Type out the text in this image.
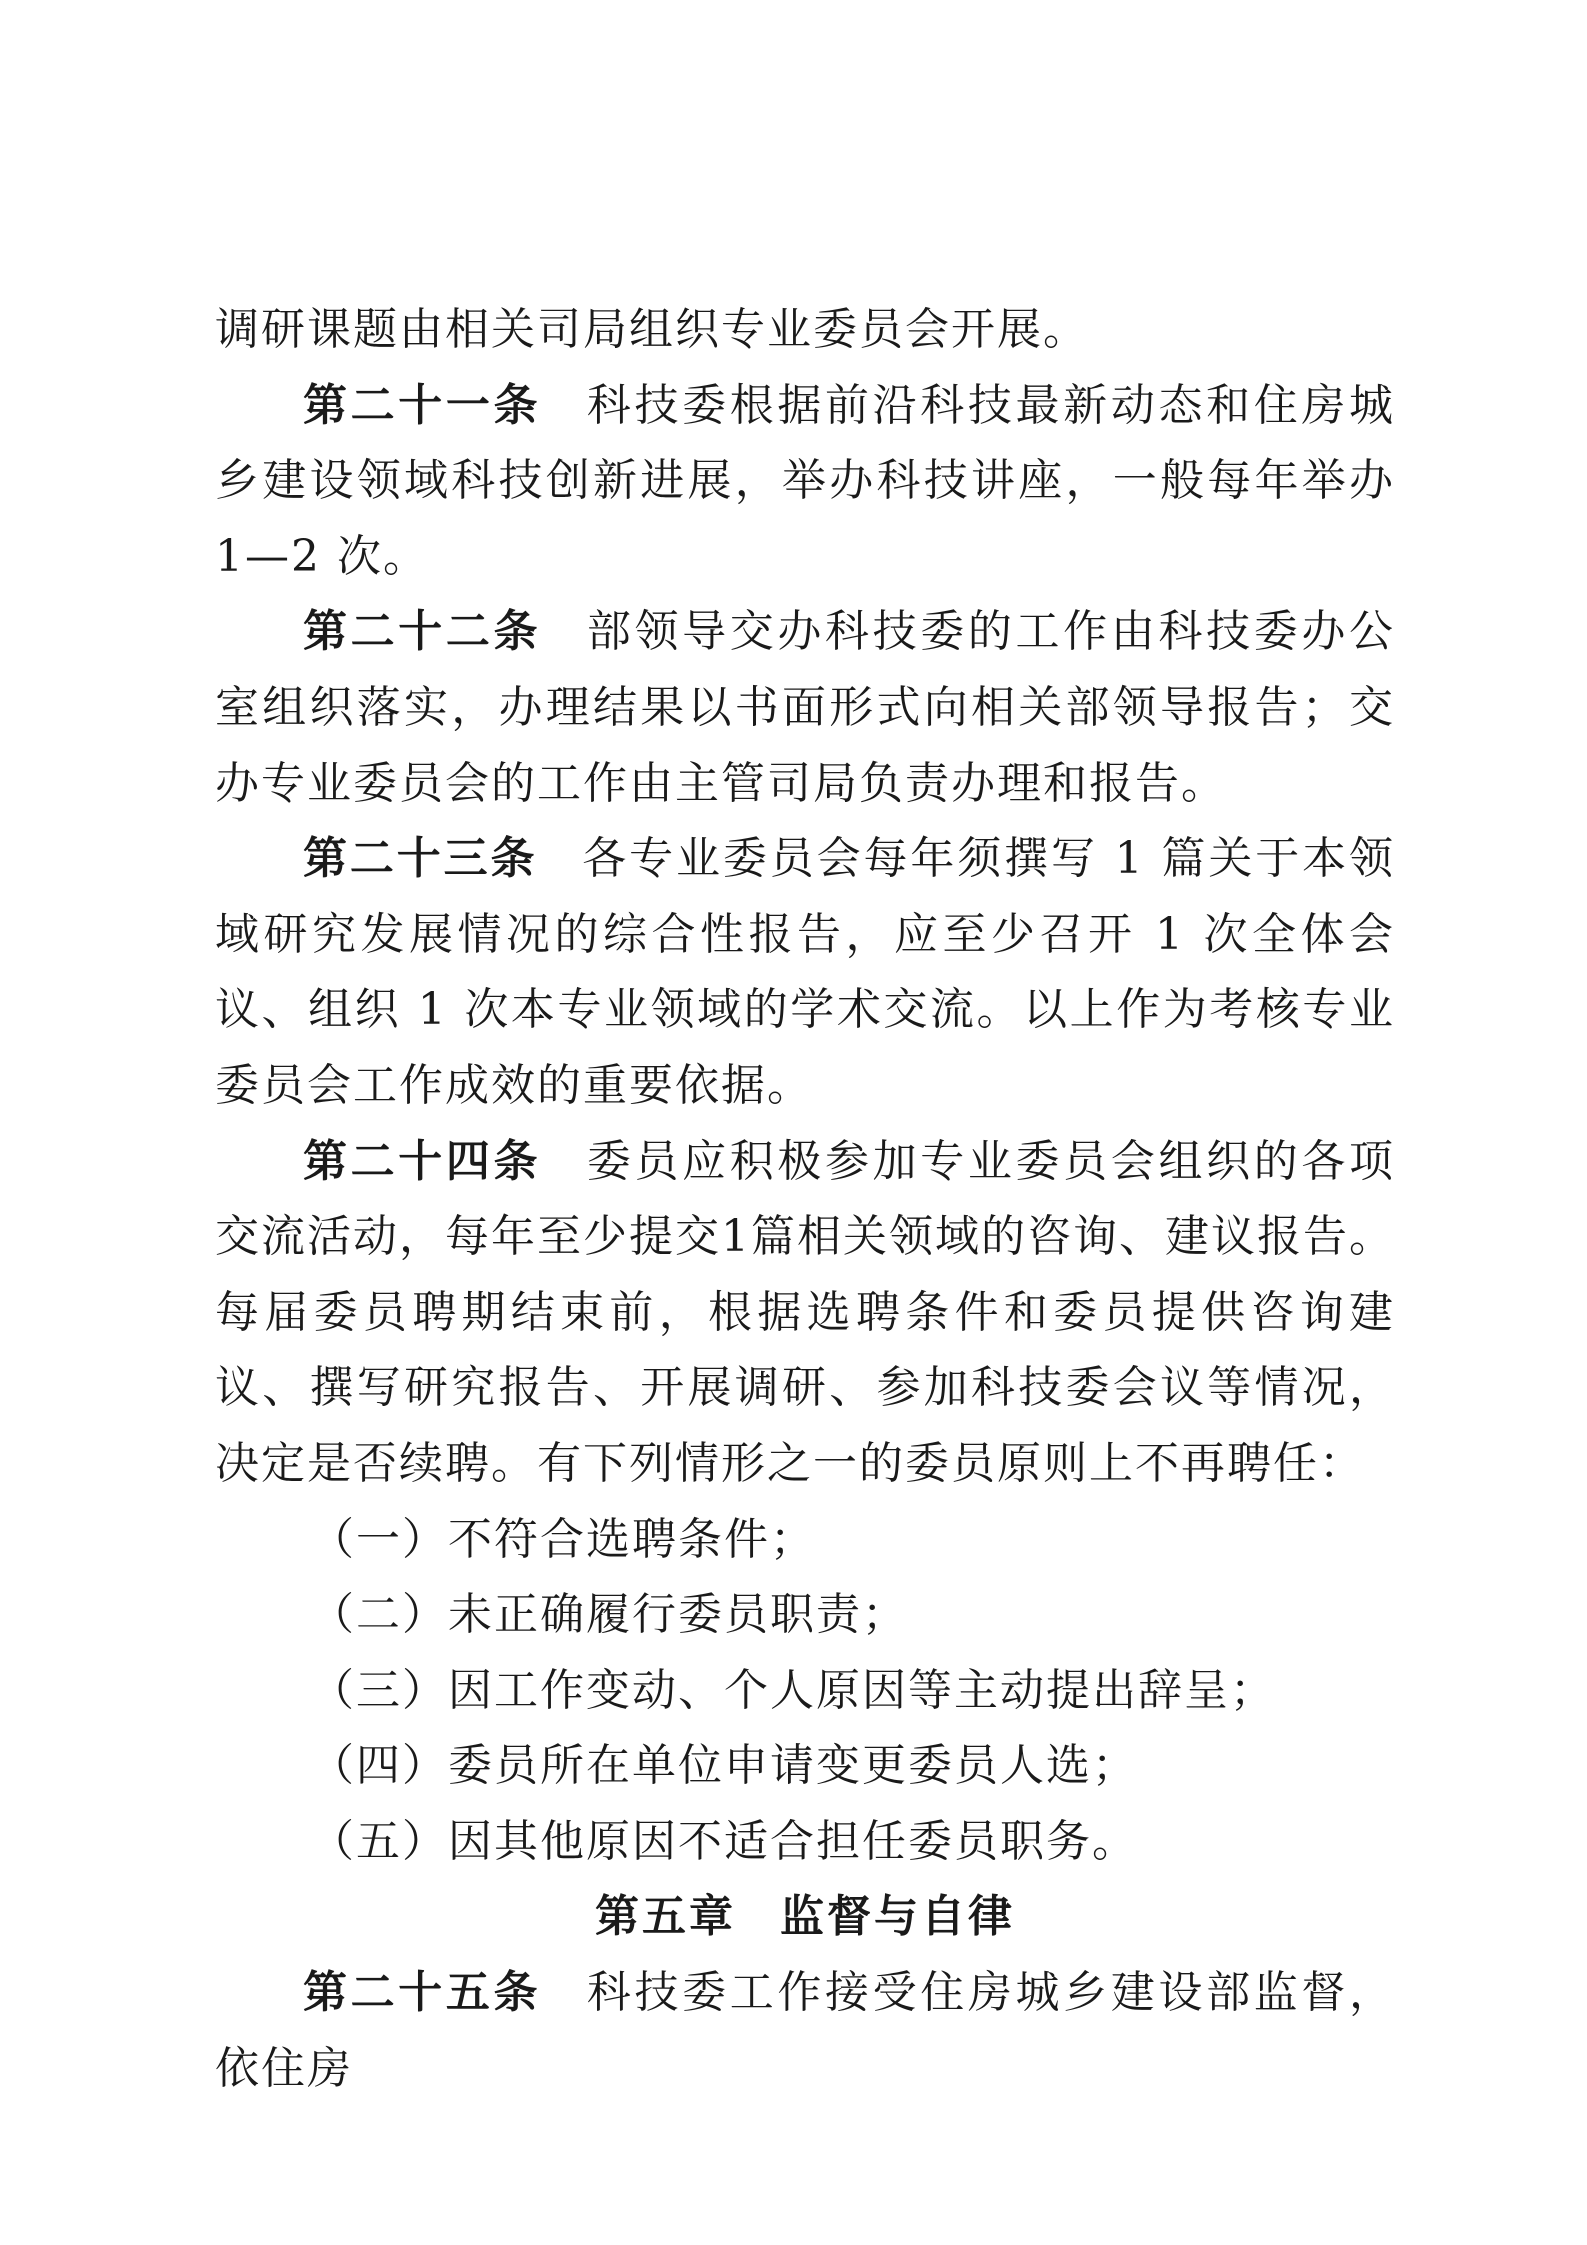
调研课题由相关司局组织专业委员会开展。

第二十一条 科技委根据前沿科技最新动态和住房城乡建设领域科技创新进展，举办科技讲座，一般每年举办 1—2 次。

第二十二条 部领导交办科技委的工作由科技委办公室组织落实，办理结果以书面形式向相关部领导报告；交办专业委员会的工作由主管司局负责办理和报告。

第二十三条 各专业委员会每年须撰写 1 篇关于本领域研究发展情况的综合性报告，应至少召开 1 次全体会议、组织 1 次本专业领域的学术交流。以上作为考核专业委员会工作成效的重要依据。

第二十四条 委员应积极参加专业委员会组织的各项交流活动，每年至少提交1篇相关领域的咨询、建议报告。每届委员聘期结束前，根据选聘条件和委员提供咨询建议、撰写研究报告、开展调研、参加科技委会议等情况，决定是否续聘。有下列情形之一的委员原则上不再聘任：

（一）不符合选聘条件；

（二）未正确履行委员职责；

（三）因工作变动、个人原因等主动提出辞呈；

（四）委员所在单位申请变更委员人选；

（五）因其他原因不适合担任委员职务。

第五章 监督与自律

第二十五条 科技委工作接受住房城乡建设部监督，依住房
